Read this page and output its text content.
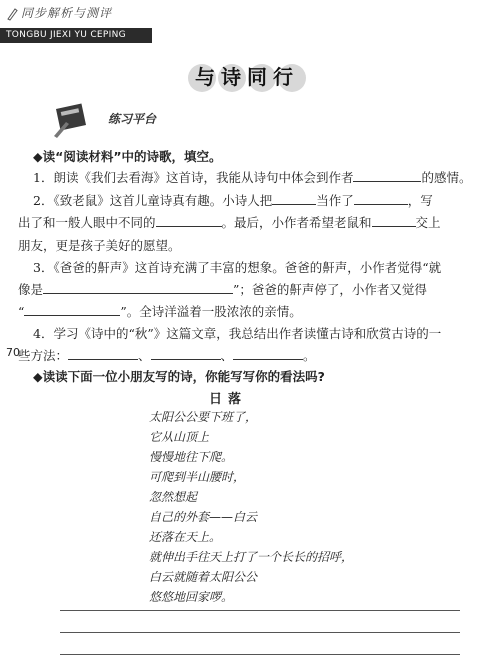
同步解析与测评
TONGBU JIEXI YU CEPING
与诗同行
练习平台
◆读“阅读材料”中的诗歌，填空。
1．朗读《我们去看海》这首诗，我能从诗句中体会到作者	的感情。
2．《致老鼠》这首儿童诗真有趣。小诗人把	当作了	，写
出了和一般人眼中不同的	。最后，小作者希望老鼠和	交上
朋友，更是孩子美好的愿望。
3．《爸爸的鼾声》这首诗充满了丰富的想象。爸爸的鼾声，小作者觉得“就
像是	”；爸爸的鼾声停了，小作者又觉得
“	”。全诗洋溢着一股浓浓的亲情。
4．学习《诗中的“秋”》这篇文章，我总结出作者读懂古诗和欣赏古诗的一
70
些方法：	、	、	。
◆读读下面一位小朋友写的诗，你能写写你的看法吗?
日落
太阳公公要下班了，
它从山顶上
慢慢地往下爬。
可爬到半山腰时，
忽然想起
自己的外套——白云
还落在天上。
就伸出手往天上打了一个长长的招呼，
白云就随着太阳公公
悠悠地回家啰。
